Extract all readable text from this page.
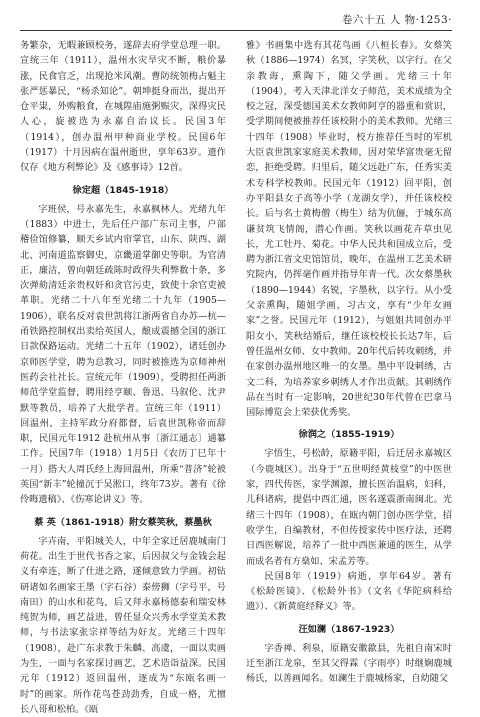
卷六十五 人 物·1253·

务繁杂，无暇兼顾校务，遂辞去府学堂总理一职。宣统三年（1911），温州水灾旱灾不断，粮价暴涨，民食官乏，出现抢米风潮。曹防统领梅占魁主张严惩暴民，“杨杀知论”。朝坤挺身而出，提出开仓平粜，外购粮食，在城隍庙施粥赈灾，深得灾民人心，旋被选为永嘉自治议长。民国3年（1914），创办温州甲种商业学校。民国6年（1917）十月因病在温州逝世，享年63岁。遗作仅存《地方利弊论》及《感事诗》12首。

徐定超（1845-1918）

字班侯，号永嘉先生，永嘉枫林人。光绪九年（1883）中进士，先后任户部广东司主事，户部稽俭馆修纂，顺天乡试内帘掌官，山东、陕西、湖北、河南道监察御史，京畿道掌御史等职。为官清正，廉洁，曾向朝廷疏陈时政得失利弊数十条，多次弹劾清廷亲贵权奸和贪官污吏，致使十余官吏被革职。光绪二十八年至光绪二十九年（1905—1906），联名反对袁世凯将江浙两省自办苏—杭—甬铁路控制权出卖给英国人，酿成震撼全国的浙江日款保路运动。光绪二十五年（1902），诸廷创办京师医学堂，聘为总教习，同时被推选为京师神州医药会社社长。宣统元年（1909），受聘担任两浙师范学堂监督，聘用经亨颐、鲁迅、马叙伦、沈尹默等教员，培养了大批学者。宣统三年（1911）回温州，主持军政分府都督，后袁世凯称帝而辞职，民国元年1912 赴杭州从事〔浙江通志〕通纂工作。民国7年（1918）1月5日《农历丁巳年十一月）搭大人周氏经上海回温州，所乘“普济”轮被英国“新丰”轮撞沉于吴淞口，终年73岁。著有《徐伶晦遗稿》、《伤寒论讲义》等。

蔡 英（1861-1918）附女蔡笑秋，蔡墨秋

字卉南，平阳城关人，中年全家迁居鹿城南门荷花。出生于世代书香之家，后因叔父与金钱会起义有牵连，断了仕进之路，遂倾意致力学画。初钻研诸如名画家王墨（字石谷）泰傍狮（字号平，号南田）的山水和花鸟，后又拜永嘉杨德泰和瑞安林纯贺为师，画艺益进，曾任显众兴秀水学堂美术教师，与书法家张宗祥等结为好友。光绪三十四年（1908），赴广东求教于朱麟、高虞，一面以卖画为生，一面与名家探讨画艺，艺术造诣益深。民国元年（1912）返回温州，逐成为“东瓯名画一时”的画家。所作花鸟苍劲劲秀，自成一格，尤擅长八哥和松柏。《瓯

雅》书画集中选有其花鸟画《八桓长春》。女蔡笑秋（1886—1974）名冥，字笑秋，以字行。在父亲教诲，熏陶下，随父学画。光绪三十年（1904），考入天津北洋女子师范，美术成绩为全校之冠，深受德国美术女教师阿亨的器重和赏识，受学期间便被推荐任该校附小的美术教师。光绪三十四年（1908）毕业时，校方推荐任当时的军机大臣袁世凯家家庭美术教师，因对荣华富贵毫无留恋，拒绝受聘。归里后，随父远赴广东，任秀实美术专科学校教师。民国元年（1912）回平阳，创办平阳县女子高等小学（龙湖女学），并任该校校长。后与名士黄梅僧（梅生）结为伉俪，于城东高谦贫筑飞情阁，潜心作画。笑秋以画花卉草虫见长，尤工牡丹、菊花。中华人民共和国成立后，受聘为浙江省文史馆馆员，晚年，在温州工艺美术研究院内，仍挥毫作画并指导年青一代。次女蔡墨秋（1890—1944）名锐，字墨秋，以字行。从小受父亲熏陶，随姐学画，习古文，享有“少年女画家”之誉。民国元年（1912），与姐姐共同创办平阳女小，笑秋结婚后，继任该校校长长达7年，后曾任温州女师、女中教师。20年代后转攻刺绣，并在家创办温州地区唯一的女墨。墨中平设刺绣，古文二科，为培养家乡刺绣人才作出贡献。其刺绣作品在当时有一定影响，20世纪30年代曾在巴拿马国际博览会上荣获优秀奖。

徐润之（1855-1919）

字悟生，号松龄，原籍平阳，后迁居永嘉城区（今鹿城区）。出身于“五世明经黄枝堂”的中医世家，四代传医，家学渊源，擅长医治温病，妇科，儿科诸病，提倡中西汇通，医名遂震浙南闽北。光绪三十四年（1908），在瓯内朝门创办医学堂，招收学生，自编教材，不但传授家传中医疗法，还聘日西医解说，培养了一批中西医兼通的医生，从学而成名者有方燊如、宋孟芳等。

民国8年（1919）病逝，享年64岁。著有《松龄医镜》、《松龄外书》（文名《华陀病科给遗》）、《新黄庭经释义》等。

汪如澜（1867-1923）

字香禅、利泉，原籍安徽歙县，先祖自南宋时迁至浙江龙泉，至其父得霖（字雨亭）时继娴鹿城杨氏，以善画闻名。如澜生于鹿城杨家，自幼随父
